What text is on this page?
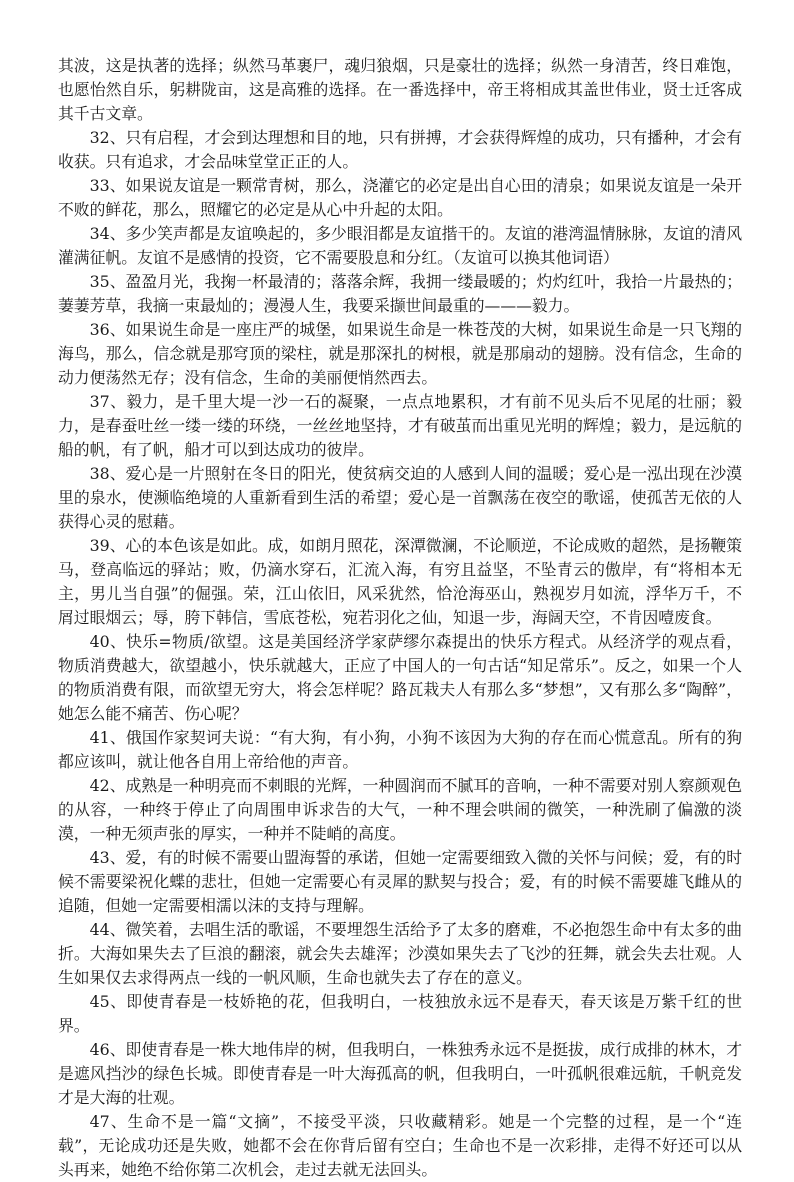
其波，这是执著的选择；纵然马革裹尸，魂归狼烟，只是豪壮的选择；纵然一身清苦，终日难饱，也愿怡然自乐，躬耕陇亩，这是高雅的选择。在一番选择中，帝王将相成其盖世伟业，贤士迁客成其千古文章。

32、只有启程，才会到达理想和目的地，只有拼搏，才会获得辉煌的成功，只有播种，才会有收获。只有追求，才会品味堂堂正正的人。

33、如果说友谊是一颗常青树，那么，浇灌它的必定是出自心田的清泉；如果说友谊是一朵开不败的鲜花，那么，照耀它的必定是从心中升起的太阳。

34、多少笑声都是友谊唤起的，多少眼泪都是友谊揩干的。友谊的港湾温情脉脉，友谊的清风灌满征帆。友谊不是感情的投资，它不需要股息和分红。（友谊可以换其他词语）

35、盈盈月光，我掬一杯最清的；落落余辉，我拥一缕最暖的；灼灼红叶，我拾一片最热的；萋萋芳草，我摘一束最灿的；漫漫人生，我要采撷世间最重的———毅力。

36、如果说生命是一座庄严的城堡，如果说生命是一株苍茂的大树，如果说生命是一只飞翔的海鸟，那么，信念就是那穹顶的梁柱，就是那深扎的树根，就是那扇动的翅膀。没有信念，生命的动力便荡然无存；没有信念，生命的美丽便悄然西去。

37、毅力，是千里大堤一沙一石的凝聚，一点点地累积，才有前不见头后不见尾的壮丽；毅力，是春蚕吐丝一缕一缕的环绕，一丝丝地坚持，才有破茧而出重见光明的辉煌；毅力，是远航的船的帆，有了帆，船才可以到达成功的彼岸。

38、爱心是一片照射在冬日的阳光，使贫病交迫的人感到人间的温暖；爱心是一泓出现在沙漠里的泉水，使濒临绝境的人重新看到生活的希望；爱心是一首飘荡在夜空的歌谣，使孤苦无依的人获得心灵的慰藉。

39、心的本色该是如此。成，如朗月照花，深潭微澜，不论顺逆，不论成败的超然，是扬鞭策马，登高临远的驿站；败，仍滴水穿石，汇流入海，有穷且益坚，不坠青云的傲岸，有“将相本无主，男儿当自强”的倔强。荣，江山依旧，风采犹然，恰沧海巫山，熟视岁月如流，浮华万千，不屑过眼烟云；辱，胯下韩信，雪底苍松，宛若羽化之仙，知退一步，海阔天空，不肯因噎废食。

40、快乐=物质/欲望。这是美国经济学家萨缪尔森提出的快乐方程式。从经济学的观点看，物质消费越大，欲望越小，快乐就越大，正应了中国人的一句古话“知足常乐”。反之，如果一个人的物质消费有限，而欲望无穷大，将会怎样呢？路瓦栽夫人有那么多“梦想”，又有那么多“陶醉”，她怎么能不痛苦、伤心呢？

41、俄国作家契诃夫说：“有大狗，有小狗，小狗不该因为大狗的存在而心慌意乱。所有的狗都应该叫，就让他各自用上帝给他的声音。

42、成熟是一种明亮而不刺眼的光辉，一种圆润而不腻耳的音响，一种不需要对别人察颜观色的从容，一种终于停止了向周围申诉求告的大气，一种不理会哄闹的微笑，一种洗刷了偏激的淡漠，一种无须声张的厚实，一种并不陡峭的高度。

43、爱，有的时候不需要山盟海誓的承诺，但她一定需要细致入微的关怀与问候；爱，有的时候不需要梁祝化蝶的悲壮，但她一定需要心有灵犀的默契与投合；爱，有的时候不需要雄飞雌从的追随，但她一定需要相濡以沫的支持与理解。

44、微笑着，去唱生活的歌谣，不要埋怨生活给予了太多的磨难，不必抱怨生命中有太多的曲折。大海如果失去了巨浪的翻滚，就会失去雄浑；沙漠如果失去了飞沙的狂舞，就会失去壮观。人生如果仅去求得两点一线的一帆风顺，生命也就失去了存在的意义。

45、即使青春是一枝娇艳的花，但我明白，一枝独放永远不是春天，春天该是万紫千红的世界。

46、即使青春是一株大地伟岸的树，但我明白，一株独秀永远不是挺拔，成行成排的林木，才是遮风挡沙的绿色长城。即使青春是一叶大海孤高的帆，但我明白，一叶孤帆很难远航，千帆竞发才是大海的壮观。

47、生命不是一篇“文摘”，不接受平淡，只收藏精彩。她是一个完整的过程，是一个“连载”，无论成功还是失败，她都不会在你背后留有空白；生命也不是一次彩排，走得不好还可以从头再来，她绝不给你第二次机会，走过去就无法回头。
